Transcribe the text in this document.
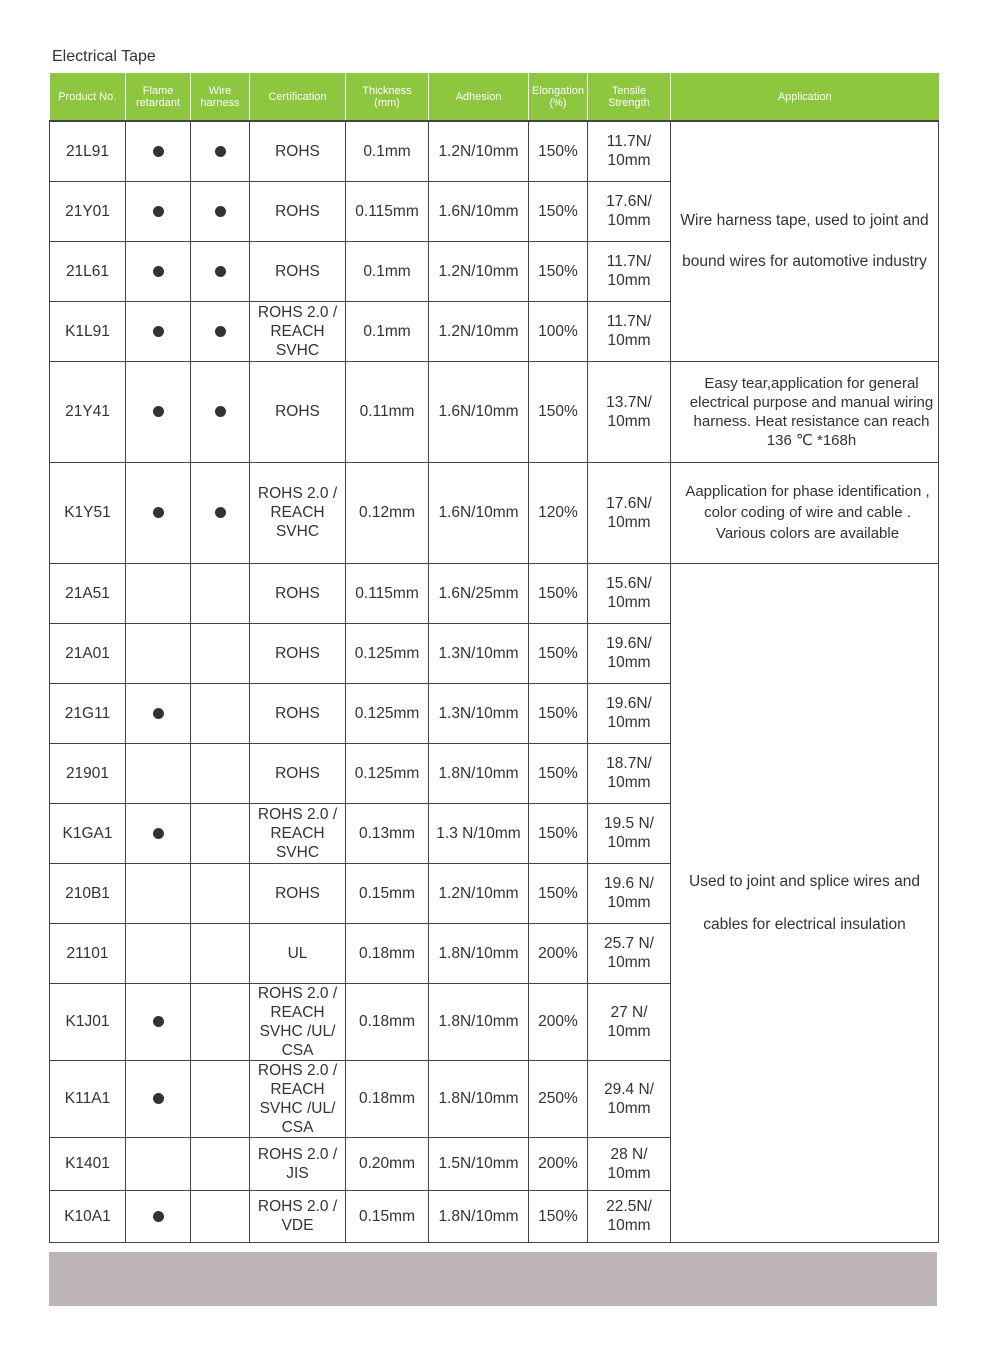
Electrical Tape
Product No.	Flame retardant	Wire harness	Certification	Thickness (mm)	Adhesion	Elongation (%)	Tensile Strength	Application
21L91			ROHS	0.1mm	1.2N/10mm	150%	11.7N/ 10mm	Wire harness tape, used to joint and bound wires for automotive industry
21Y01			ROHS	0.115mm	1.6N/10mm	150%	17.6N/ 10mm	
21L61			ROHS	0.1mm	1.2N/10mm	150%	11.7N/ 10mm	
K1L91			ROHS 2.0 / REACH SVHC	0.1mm	1.2N/10mm	100%	11.7N/ 10mm	
21Y41			ROHS	0.11mm	1.6N/10mm	150%	13.7N/ 10mm	Easy tear,application for general electrical purpose and manual wiring harness. Heat resistance can reach 136 ℃ *168h
K1Y51			ROHS 2.0 / REACH SVHC	0.12mm	1.6N/10mm	120%	17.6N/ 10mm	Aapplication for phase identification , color coding of wire and cable . Various colors are available
21A51			ROHS	0.115mm	1.6N/25mm	150%	15.6N/ 10mm	Used to joint and splice wires and cables for electrical insulation
21A01			ROHS	0.125mm	1.3N/10mm	150%	19.6N/ 10mm	
21G11			ROHS	0.125mm	1.3N/10mm	150%	19.6N/ 10mm	
21901			ROHS	0.125mm	1.8N/10mm	150%	18.7N/ 10mm	
K1GA1			ROHS 2.0 / REACH SVHC	0.13mm	1.3 N/10mm	150%	19.5 N/ 10mm	
210B1			ROHS	0.15mm	1.2N/10mm	150%	19.6 N/ 10mm	
21101			UL	0.18mm	1.8N/10mm	200%	25.7 N/ 10mm	
K1J01			ROHS 2.0 / REACH SVHC /UL/ CSA	0.18mm	1.8N/10mm	200%	27 N/ 10mm	
K11A1			ROHS 2.0 / REACH SVHC /UL/ CSA	0.18mm	1.8N/10mm	250%	29.4 N/ 10mm	
K1401			ROHS 2.0 / JIS	0.20mm	1.5N/10mm	200%	28 N/ 10mm	
K10A1			ROHS 2.0 / VDE	0.15mm	1.8N/10mm	150%	22.5N/ 10mm	
